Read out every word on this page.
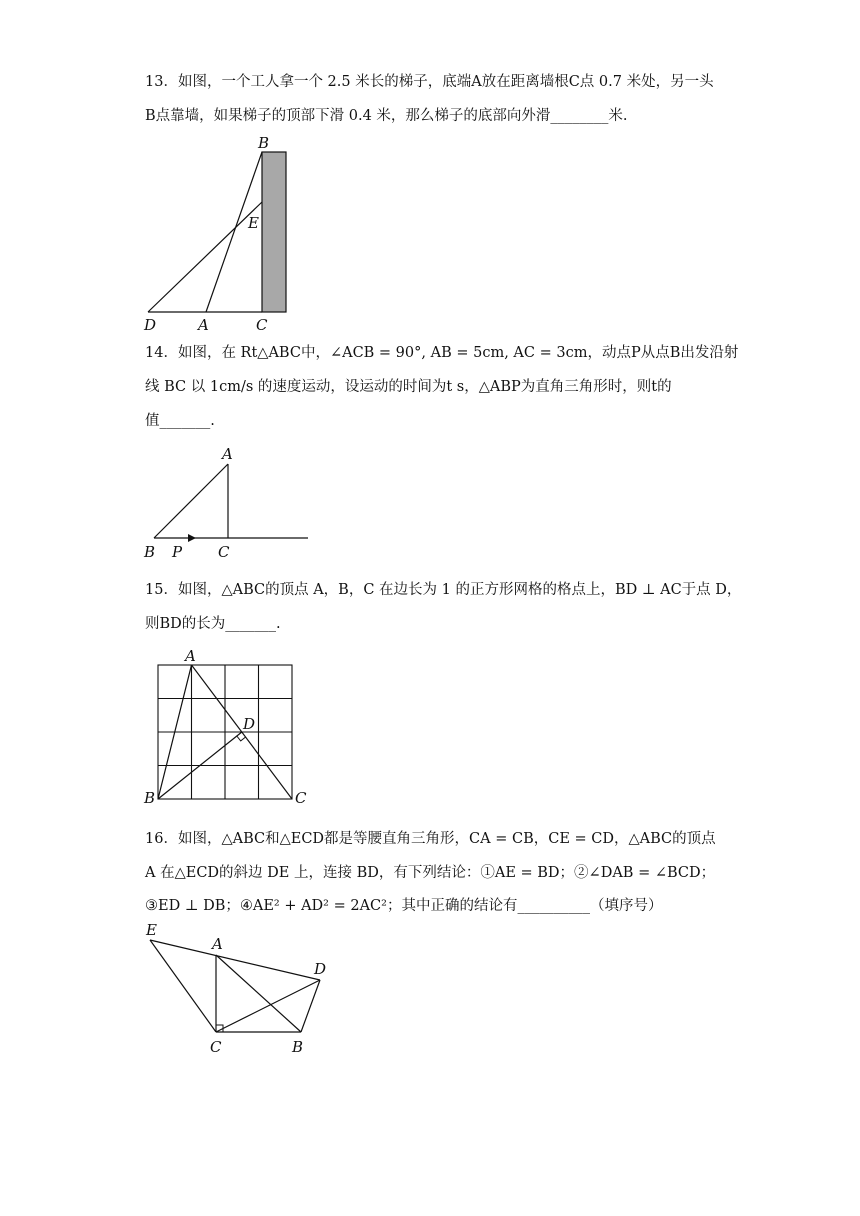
13．如图，一个工人拿一个 2.5 米长的梯子，底端A放在距离墙根C点 0.7 米处，另一头
B点靠墙，如果梯子的顶部下滑 0.4 米，那么梯子的底部向外滑________米.
B
E
D	A	C
14．如图，在 Rt△ABC中，∠ACB = 90°, AB = 5cm, AC = 3cm，动点P从点B出发沿射
线 BC 以 1cm/s 的速度运动，设运动的时间为t s，△ABP为直角三角形时，则t的
值_______.
A
B P C
15．如图，△ABC的顶点 A，B，C 在边长为 1 的正方形网格的格点上，BD ⊥ AC于点 D，
则BD的长为_______.
A
D
B	C
16．如图，△ABC和△ECD都是等腰直角三角形，CA = CB，CE = CD，△ABC的顶点
A 在△ECD的斜边 DE 上，连接 BD，有下列结论：①AE = BD；②∠DAB = ∠BCD；
③ED ⊥ DB；④AE² + AD² = 2AC²；其中正确的结论有__________（填序号）
E
A
D
C	B
